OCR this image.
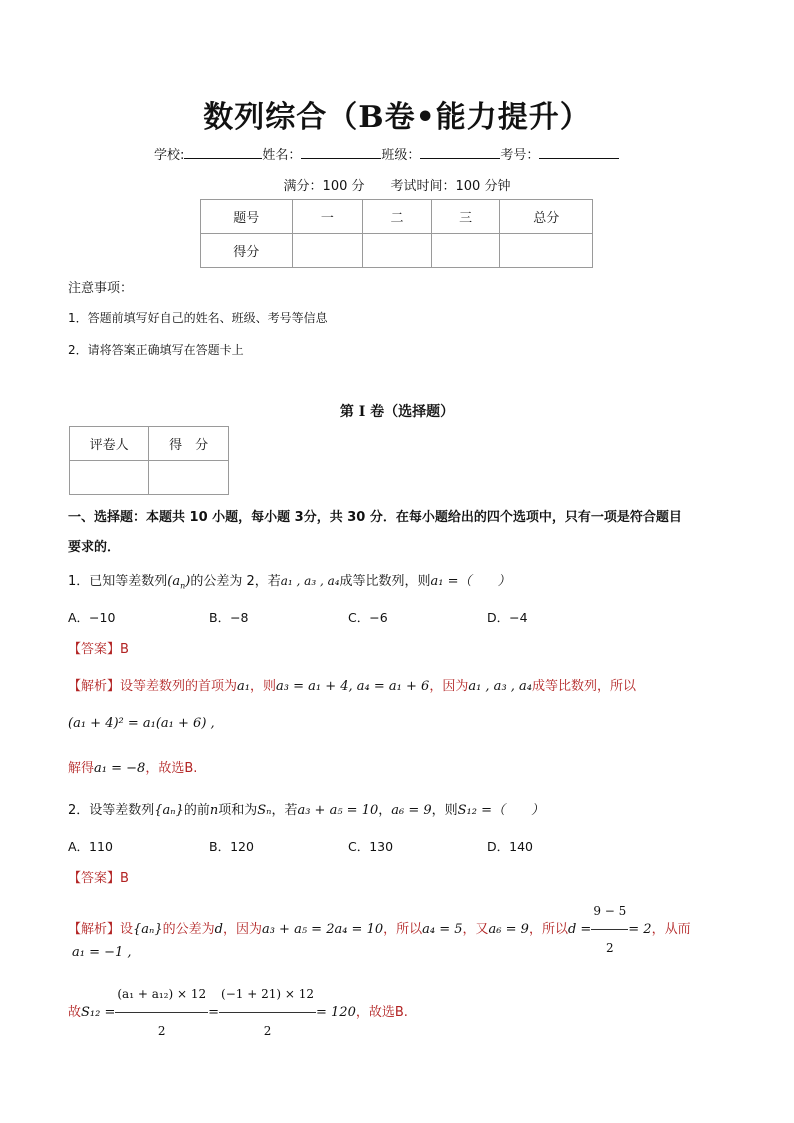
数列综合（B卷•能力提升）
学校:	姓名：	班级：	考号：
满分：100 分　　考试时间：100 分钟
题号	一	二	三	总分
得分				
注意事项：
1．答题前填写好自己的姓名、班级、考号等信息
2．请将答案正确填写在答题卡上
第 I 卷（选择题）
评卷人	得　分

一、选择题：本题共 10 小题，每小题 3分，共 30 分．在每小题给出的四个选项中，只有一项是符合题目
要求的．
1．已知等差数列$(a_n)$的公差为 2，若a₁ , a₃ , a₄成等比数列，则a₁ =（　　）
A．−10	B．−8	C．−6	D．−4
【答案】B
【解析】设等差数列的首项为a₁，则a₃ = a₁ + 4, a₄ = a₁ + 6，因为a₁ , a₃ , a₄成等比数列，所以
(a₁ + 4)² = a₁(a₁ + 6) ,
解得a₁ = −8，故选B.
2．设等差数列{aₙ}的前n项和为Sₙ，若a₃ + a₅ = 10，a₆ = 9，则S₁₂ =（　　）
A．110	B．120	C．130	D．140
【答案】B
【解析】设{aₙ}的公差为d，因为a₃ + a₅ = 2a₄ = 10，所以a₄ = 5，又a₆ = 9，所以$d = \frac{9 - 5}{2} = 2$，从而
a₁ = −1 ,
故$S_{12} = \frac{\text{(a₁ + a₁₂) × 12}}{2} = \frac{(-1 + 21) \times 12}{2} = 120$，故选B.
